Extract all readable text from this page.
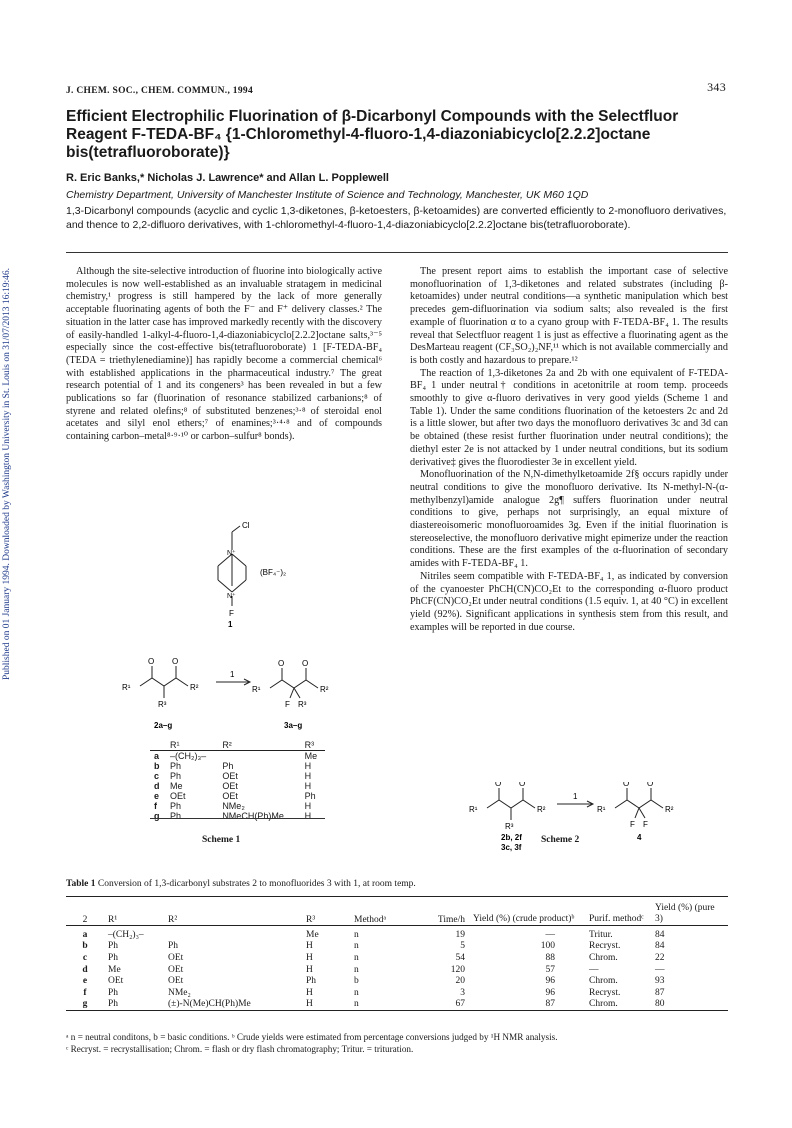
Published on 01 January 1994. Downloaded by Washington University in St. Louis on 31/07/2013 16:19:46.
J. CHEM. SOC., CHEM. COMMUN., 1994	343
Efficient Electrophilic Fluorination of β-Dicarbonyl Compounds with the Selectfluor Reagent F-TEDA-BF₄ {1-Chloromethyl-4-fluoro-1,4-diazoniabicyclo[2.2.2]octane bis(tetrafluoroborate)}
R. Eric Banks,* Nicholas J. Lawrence* and Allan L. Popplewell
Chemistry Department, University of Manchester Institute of Science and Technology, Manchester, UK M60 1QD
1,3-Dicarbonyl compounds (acyclic and cyclic 1,3-diketones, β-ketoesters, β-ketoamides) are converted efficiently to 2-monofluoro derivatives, and thence to 2,2-difluoro derivatives, with 1-chloromethyl-4-fluoro-1,4-diazoniabicyclo[2.2.2]octane bis(tetrafluoroborate).

Although the site-selective introduction of fluorine into biologically active molecules is now well-established as an invaluable stratagem in medicinal chemistry,¹ progress is still hampered by the lack of more generally acceptable fluorinating agents of both the F⁻ and F⁺ delivery classes.² The situation in the latter case has improved markedly recently with the discovery of easily-handled 1-alkyl-4-fluoro-1,4-diazoniabicyclo[2.2.2]octane salts,³⁻⁵ especially since the cost-effective bis(tetrafluoroborate) 1 [F-TEDA-BF₄ (TEDA = triethylenediamine)] has rapidly become a commercial chemical⁶ with established applications in the pharmaceutical industry.⁷ The great research potential of 1 and its congeners³ has been revealed in but a few publications so far (fluorination of resonance stabilized carbanions;⁸ of styrene and related olefins;⁸ of substituted benzenes;³·⁸ of steroidal enol acetates and silyl enol ethers;⁷ of enamines;³·⁴·⁸ and of compounds containing carbon–metal⁸·⁹·¹⁰ or carbon–sulfur⁸ bonds).

The present report aims to establish the important case of selective monofluorination of 1,3-diketones and related substrates (including β-ketoamides) under neutral conditions—a synthetic manipulation which best precedes gem-difluorination via sodium salts; also revealed is the first example of fluorination α to a cyano group with F-TEDA-BF₄ 1. The results reveal that Selectfluor reagent 1 is just as effective a fluorinating agent as the DesMarteau reagent (CF₃SO₂)₂NF,¹¹ which is not available commercially and is both costly and hazardous to prepare.¹²

The reaction of 1,3-diketones 2a and 2b with one equivalent of F-TEDA-BF₄ 1 under neutral† conditions in acetonitrile at room temp. proceeds smoothly to give α-fluoro derivatives in very good yields (Scheme 1 and Table 1). Under the same conditions fluorination of the ketoesters 2c and 2d is a little slower, but after two days the monofluoro derivatives 3c and 3d can be obtained (these resist further fluorination under neutral conditions); the diethyl ester 2e is not attacked by 1 under neutral conditions, but its sodium derivative‡ gives the fluorodiester 3e in excellent yield.

Monofluorination of the N,N-dimethylketoamide 2f§ occurs rapidly under neutral conditions to give the monofluoro derivative. Its N-methyl-N-(α-methylbenzyl)amide analogue 2g¶ suffers fluorination under neutral conditions to give, perhaps not surprisingly, an equal mixture of diastereoisomeric monofluoroamides 3g. Even if the initial fluorination is stereoselective, the monofluoro derivative might epimerize under the reaction conditions. These are the first examples of the α-fluorination of secondary amides with F-TEDA-BF₄ 1.

Nitriles seem compatible with F-TEDA-BF₄ 1, as indicated by conversion of the cyanoester PhCH(CN)CO₂Et to the corresponding α-fluoro product PhCF(CN)CO₂Et under neutral conditions (1.5 equiv. 1, at 40 °C) in excellent yield (92%). Significant applications in synthesis stem from this result, and examples will be reported in due course.

Cl
N⁺
N⁺
F
(BF₄⁻)₂
1
O O
R¹	R²
R³
1
O O
R¹	R²
F R³
2a–g	3a–g
	R¹	R²	R³
a	–(CH₂)₃–		Me
b	Ph	Ph	H
c	Ph	OEt	H
d	Me	OEt	H
e	OEt	OEt	Ph
f	Ph	NMe₂	H
g	Ph	NMeCH(Ph)Me	H
Scheme 1
O O
R¹	R²
R³
1
O O
R¹	R²
F F
2b, 2f
3c, 3f
4
Scheme 2
Table 1 Conversion of 1,3-dicarbonyl substrates 2 to monofluorides 3 with 1, at room temp.
2	R¹	R²	R³	Methodᵃ	Time/h	Yield (%) (crude product)ᵇ	Purif. methodᶜ	Yield (%) (pure 3)
a	–(CH₂)₃–		Me	n	19	—	Tritur.	84
b	Ph	Ph	H	n	5	100	Recryst.	84
c	Ph	OEt	H	n	54	88	Chrom.	22
d	Me	OEt	H	n	120	57	—	—
e	OEt	OEt	Ph	b	20	96	Chrom.	93
f	Ph	NMe₂	H	n	3	96	Recryst.	87
g	Ph	(±)-N(Me)CH(Ph)Me	H	n	67	87	Chrom.	80
ᵃ n = neutral conditons, b = basic conditions. ᵇ Crude yields were estimated from percentage conversions judged by ¹H NMR analysis.
ᶜ Recryst. = recrystallisation; Chrom. = flash or dry flash chromatography; Tritur. = trituration.
